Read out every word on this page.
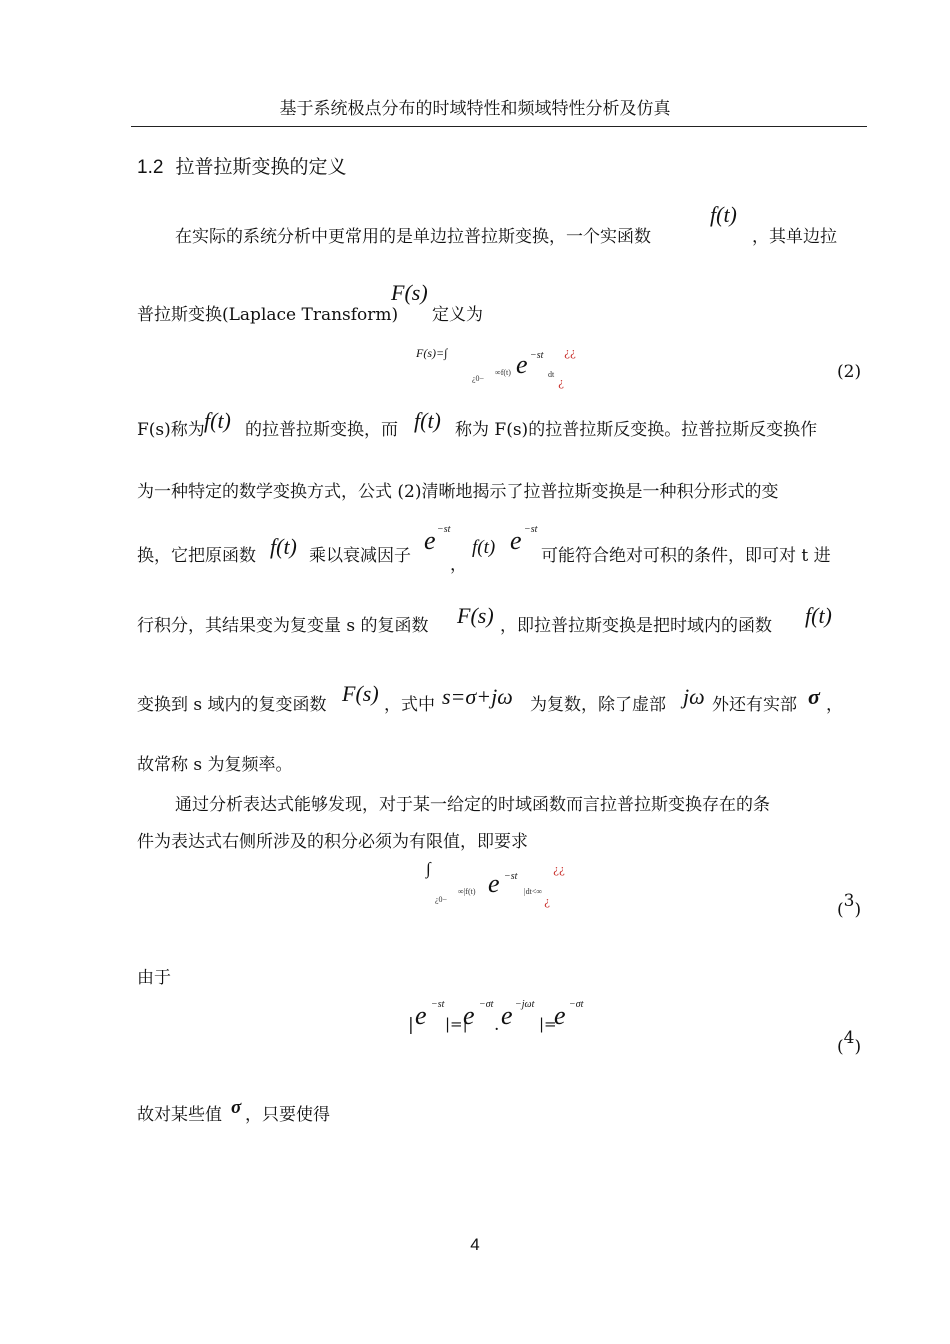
基于系统极点分布的时域特性和频域特性分析及仿真
1.2 拉普拉斯变换的定义
在实际的系统分析中更常用的是单边拉普拉斯变换，一个实函数
f(t)
，其单边拉
普拉斯变换(Laplace Transform)
F(s)
定义为
F(s)=∫
¿0−
∞f(t) e −st
dt
¿¿
¿
(2)
F(s)称为 f(t) 的拉普拉斯变换，而 f(t) 称为 F(s)的拉普拉斯反变换。拉普拉斯反变换作
为一种特定的数学变换方式，公式 (2)清晰地揭示了拉普拉斯变换是一种积分形式的变
换，它把原函数 f(t) 乘以衰减因子
e −st
，
f(t) e −st
可能符合绝对可积的条件，即可对 t 进
行积分，其结果变为复变量 s 的复函数 F(s) ，即拉普拉斯变换是把时域内的函数 f(t)
变换到 s 域内的复变函数 F(s) ，式中 s=σ+jω 为复数，除了虚部 jω 外还有实部 σ ，
故常称 s 为复频率。
通过分析表达式能够发现，对于某一给定的时域函数而言拉普拉斯变换存在的条
件为表达式右侧所涉及的积分必须为有限值，即要求
∫
¿0−
∞|f(t) e −st
|dt<∞
¿¿
¿	(3)
由于
| e −st
|=|
e −σt
. e −jωt
|=
e −σt
(4)
故对某些值 σ ，只要使得
4
